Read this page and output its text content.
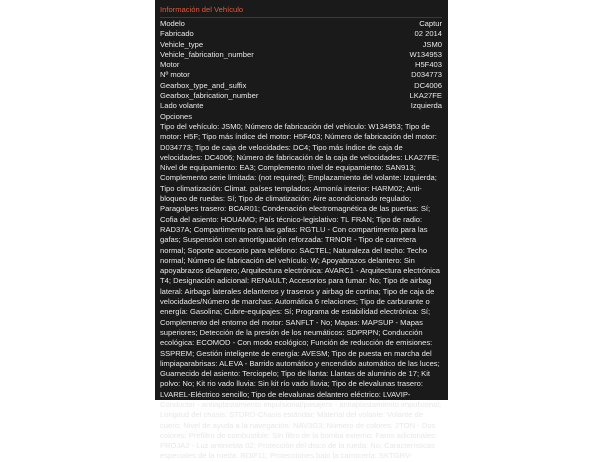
Información del Vehículo
Modelo	Captur
Fabricado	02 2014
Vehicle_type	JSM0
Vehicle_fabrication_number	W134953
Motor	H5F403
Nº motor	D034773
Gearbox_type_and_suffix	DC4006
Gearbox_fabrication_number	LKA27FE
Lado volante	Izquierda
Opciones
Tipo del vehículo: JSM0; Número de fabricación del vehículo: W134953; Tipo de motor: H5F; Tipo más índice del motor: H5F403; Número de fabricación del motor: D034773; Tipo de caja de velocidades: DC4; Tipo más índice de caja de velocidades: DC4006; Número de fabricación de la caja de velocidades: LKA27FE; Nivel de equipamiento: EA3; Complemento nivel de equipamiento: SAN913; Complemento serie limitada: (not required); Emplazamiento del volante: Izquierda; Tipo climatización: Climat. países templados; Armonía interior: HARM02; Anti-bloqueo de ruedas: Sí; Tipo de climatización: Aire acondicionado regulado; Paragolpes trasero: BCAR01; Condenación electromagnética de las puertas: Sí; Cofia del asiento: HOUAMO; País técnico-legislativo: TL FRAN; Tipo de radio: RAD37A; Compartimento para las gafas: RGTLU - Con compartimento para las gafas; Suspensión con amortiguación reforzada: TRNOR - Tipo de carretera normal; Soporte accesorio para teléfono: SACTEL; Naturaleza del techo: Techo normal; Número de fabricación del vehículo: W; Apoyabrazos delantero: Sin apoyabrazos delantero; Arquitectura electrónica: AVARC1 - Arquitectura electrónica T4; Designación adicional: RENAULT; Accesorios para fumar: No; Tipo de airbag lateral: Airbags laterales delanteros y traseros y airbag de cortina; Tipo de caja de velocidades/Número de marchas: Automática 6 relaciones; Tipo de carburante o energía: Gasolina; Cubre-equipajes: Sí; Programa de estabilidad electrónica: Sí; Complemento del entorno del motor: SANFLT - No; Mapas: MAPSUP - Mapas superiores; Detección de la presión de los neumáticos: SDPRPN; Conducción ecológica: ECOMOD - Con modo ecológico; Función de reducción de emisiones: SSPREM; Gestión inteligente de energía: AVESM; Tipo de puesta en marcha del limpiaparabrisas: ALEVA - Barrido automático y encendido automático de las luces; Guarnecido del asiento: Terciopelo; Tipo de llanta: Llantas de aluminio de 17; Kit polvo: No; Kit rio vado lluvia: Sin kit río vado lluvia; Tipo de elevalunas trasero: LVAREL-Eléctrico sencillo; Tipo de elevalunas delantero eléctrico: LVAVIP-Conductor - antiaplastamiento impulsional/pasajero - antiaplastamiento impulsional; Longitud del chasis: STDRD-Chasis estándar; Material del volante: Volante de cuero; Nivel de ayuda a la navegación: NAV3G3; Número de colores: 2TON - Dos colores; Prefiltro de combustible: Sin filtro de la bomba externo; Faros adicionales: PROJA2 - Luz antiniebla 02; Protección del disco de la rueda: No; Características especiales de la rueda: RDIF11; Protecciones bajo la carrocería: SKTGRV-
